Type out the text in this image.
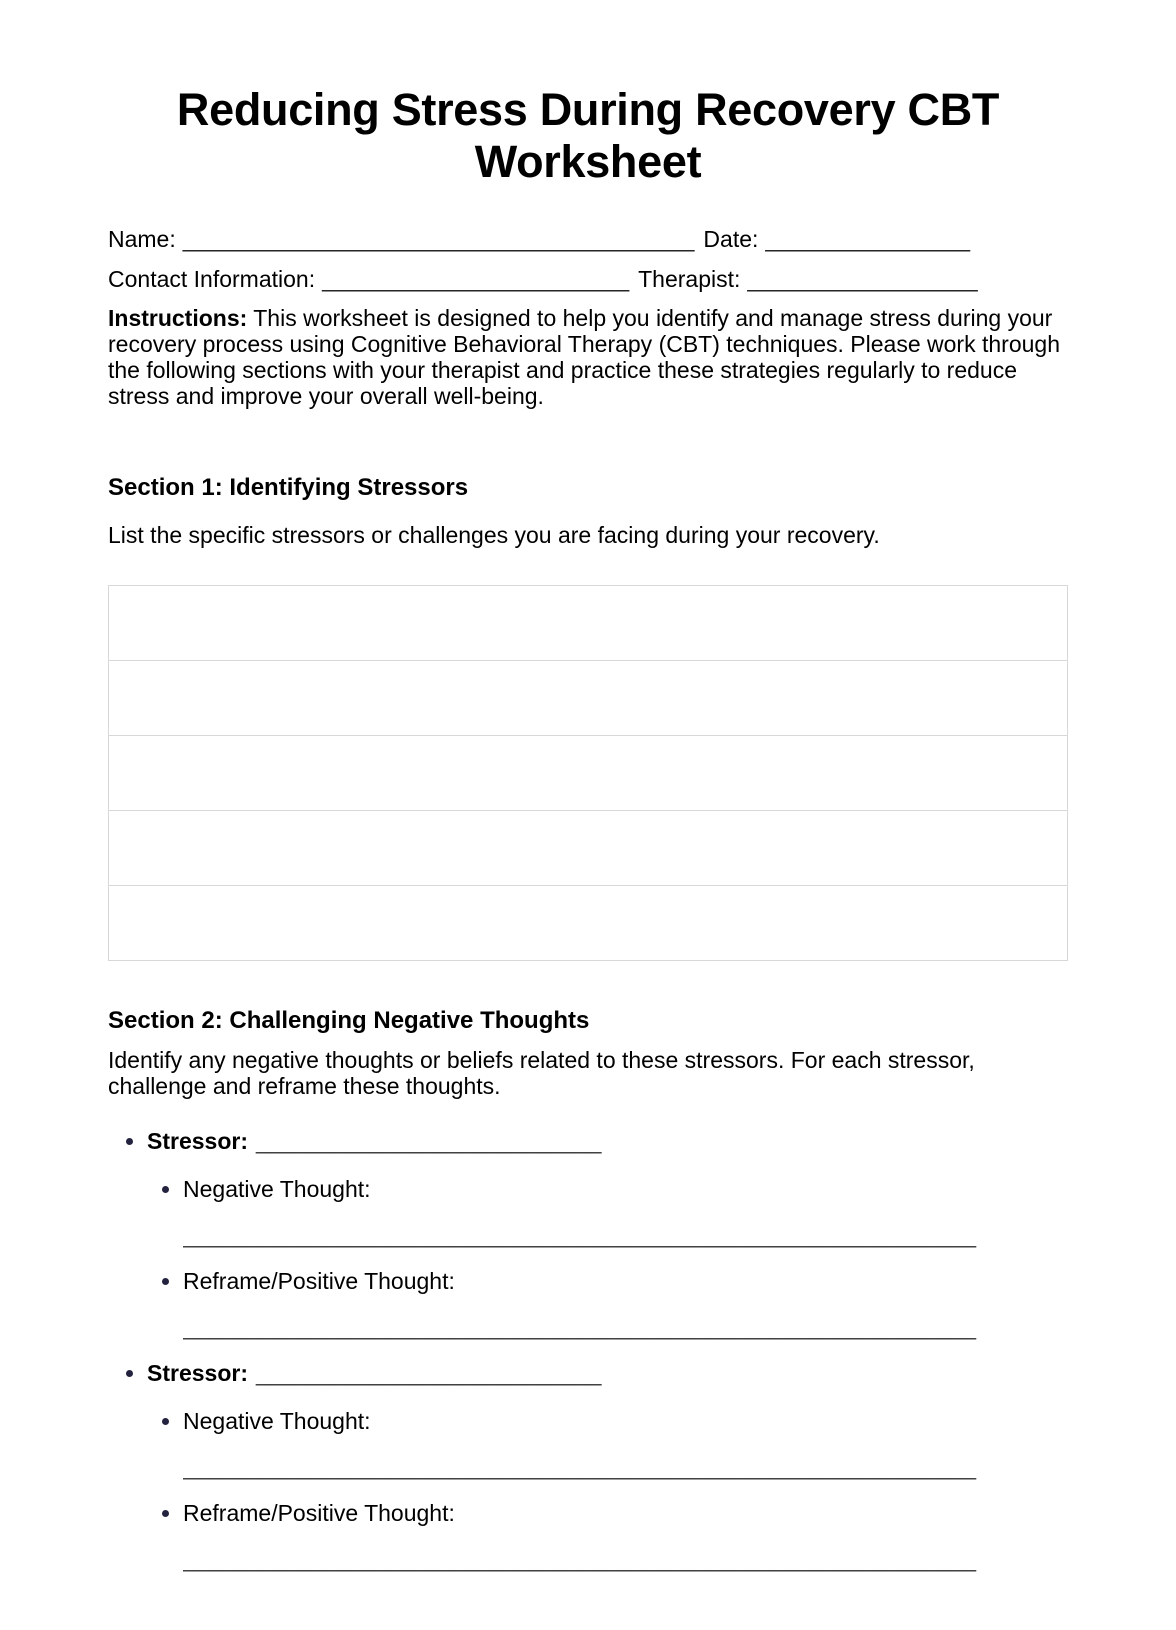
Reducing Stress During Recovery CBT Worksheet
Name: ________________________________________ Date: ________________
Contact Information: ________________________ Therapist: __________________
Instructions: This worksheet is designed to help you identify and manage stress during your recovery process using Cognitive Behavioral Therapy (CBT) techniques. Please work through the following sections with your therapist and practice these strategies regularly to reduce stress and improve your overall well-being.
Section 1: Identifying Stressors
List the specific stressors or challenges you are facing during your recovery.
Section 2: Challenging Negative Thoughts
Identify any negative thoughts or beliefs related to these stressors. For each stressor, challenge and reframe these thoughts.
• Stressor: ___________________________
• Negative Thought:
______________________________________________________________
• Reframe/Positive Thought:
______________________________________________________________
• Stressor: ___________________________
• Negative Thought:
______________________________________________________________
• Reframe/Positive Thought:
______________________________________________________________
